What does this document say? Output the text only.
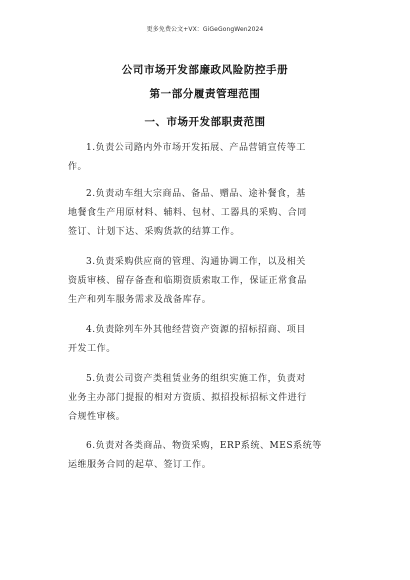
更多免费公文+VX：GiGeGongWen2024
公司市场开发部廉政风险防控手册
第一部分履责管理范围
一、市场开发部职责范围
1.负责公司路内外市场开发拓展、产品营销宣传等工
作。
2.负责动车组大宗商品、备品、赠品、途补餐食，基
地餐食生产用原材料、辅料、包材、工器具的采购、合同
签订、计划下达、采购货款的结算工作。
3.负责采购供应商的管理、沟通协调工作，以及相关
资质审核、留存备查和临期资质索取工作，保证正常食品
生产和列车服务需求及战备库存。
4.负责除列车外其他经营资产资源的招标招商、项目
开发工作。
5.负责公司资产类租赁业务的组织实施工作，负责对
业务主办部门提报的相对方资质、拟招投标招标文件进行
合规性审核。
6.负责对各类商品、物资采购，ERP系统、MES系统等
运维服务合同的起草、签订工作。
